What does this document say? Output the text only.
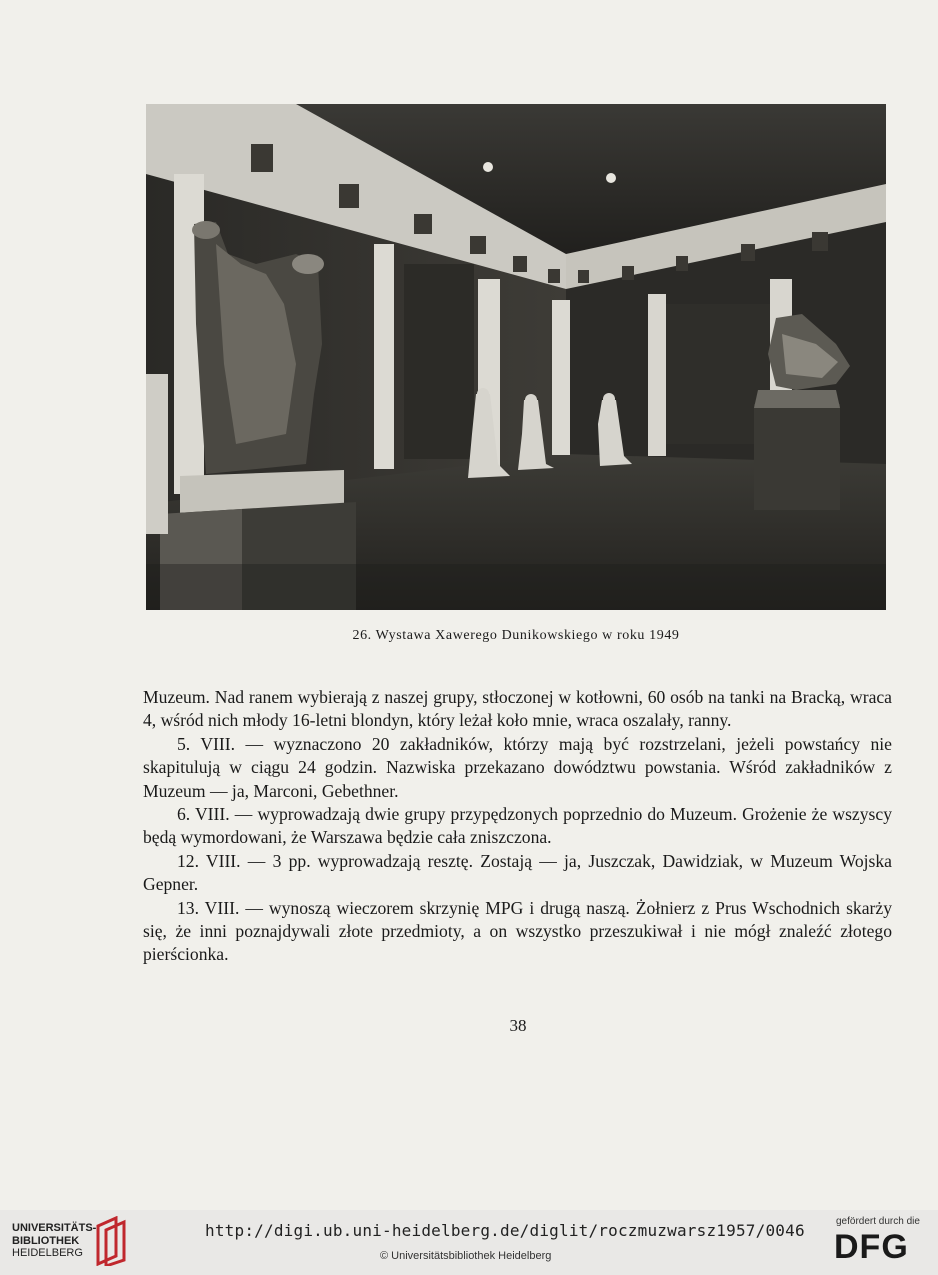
26. Wystawa Xawerego Dunikowskiego w roku 1949

Muzeum. Nad ranem wybierają z naszej grupy, stłoczonej w kotłowni, 60 osób na tanki na Bracką, wraca 4, wśród nich młody 16-letni blondyn, który leżał koło mnie, wraca oszalały, ranny.

5. VIII. — wyznaczono 20 zakładników, którzy mają być rozstrzelani, jeżeli powstańcy nie skapitulują w ciągu 24 godzin. Nazwiska przekazano dowództwu powstania. Wśród zakładników z Muzeum — ja, Marconi, Gebethner.

6. VIII. — wyprowadzają dwie grupy przypędzonych poprzednio do Muzeum. Grożenie że wszyscy będą wymordowani, że Warszawa będzie cała zniszczona.

12. VIII. — 3 pp. wyprowadzają resztę. Zostają — ja, Juszczak, Dawidziak, w Muzeum Wojska Gepner.

13. VIII. — wynoszą wieczorem skrzynię MPG i drugą naszą. Żołnierz z Prus Wschodnich skarży się, że inni poznajdywali złote przedmioty, a on wszystko przeszukiwał i nie mógł znaleźć złotego pierścionka.

38
UNIVERSITÄTS-
BIBLIOTHEK
HEIDELBERG
http://digi.ub.uni-heidelberg.de/diglit/roczmuzwarsz1957/0046
© Universitätsbibliothek Heidelberg
gefördert durch die
DFG
